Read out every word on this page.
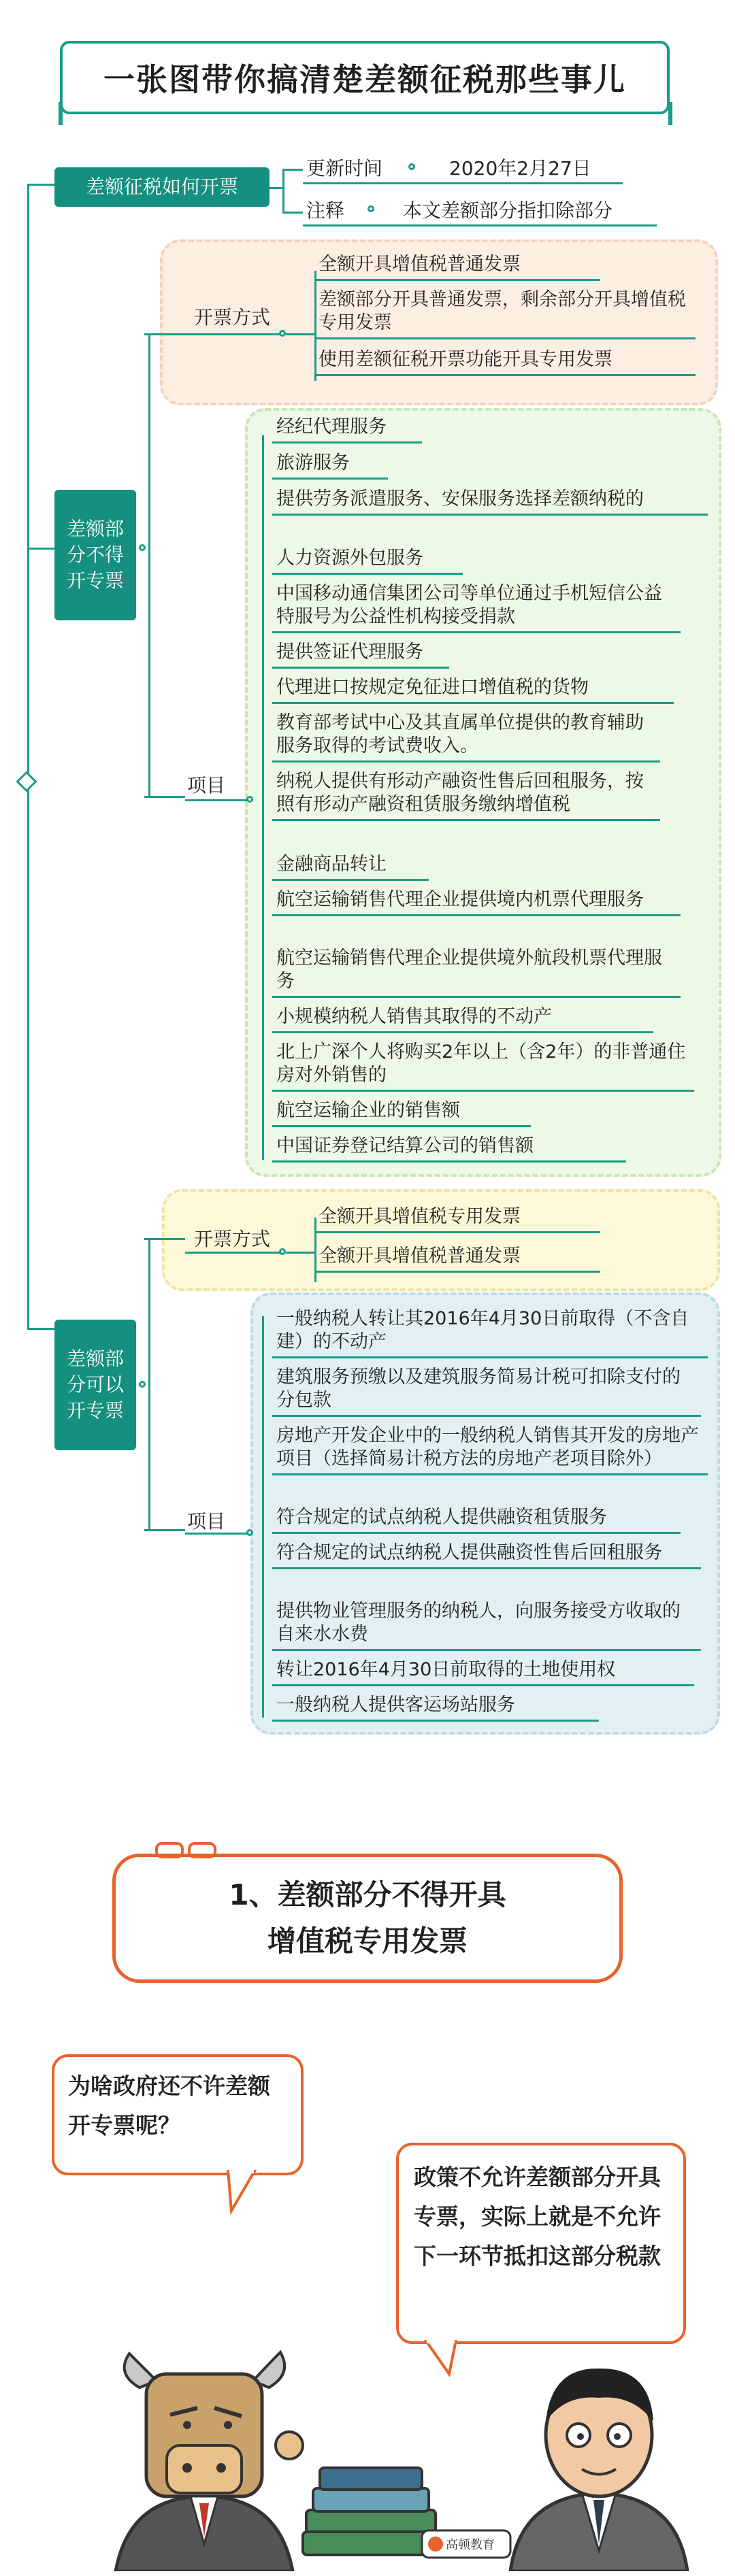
一张图带你搞清楚差额征税那些事儿
差额征税如何开票
更新时间	2020年2月27日
注释	本文差额部分指扣除部分
差额部分不得开专票
开票方式
全额开具增值税普通发票
差额部分开具普通发票，剩余部分开具增值税专用发票
使用差额征税开票功能开具专用发票
项目
经纪代理服务
旅游服务
提供劳务派遣服务、安保服务选择差额纳税的
人力资源外包服务
中国移动通信集团公司等单位通过手机短信公益特服号为公益性机构接受捐款
提供签证代理服务
代理进口按规定免征进口增值税的货物
教育部考试中心及其直属单位提供的教育辅助服务取得的考试费收入。
纳税人提供有形动产融资性售后回租服务，按照有形动产融资租赁服务缴纳增值税
金融商品转让
航空运输销售代理企业提供境内机票代理服务
航空运输销售代理企业提供境外航段机票代理服务
小规模纳税人销售其取得的不动产
北上广深个人将购买2年以上（含2年）的非普通住房对外销售的
航空运输企业的销售额
中国证券登记结算公司的销售额
差额部分可以开专票
开票方式
全额开具增值税专用发票
全额开具增值税普通发票
项目
一般纳税人转让其2016年4月30日前取得（不含自建）的不动产
建筑服务预缴以及建筑服务简易计税可扣除支付的分包款
房地产开发企业中的一般纳税人销售其开发的房地产项目（选择简易计税方法的房地产老项目除外）
符合规定的试点纳税人提供融资租赁服务
符合规定的试点纳税人提供融资性售后回租服务
提供物业管理服务的纳税人，向服务接受方收取的自来水水费
转让2016年4月30日前取得的土地使用权
一般纳税人提供客运场站服务
1、差额部分不得开具
增值税专用发票
为啥政府还不许差额开专票呢？
政策不允许差额部分开具专票，实际上就是不允许下一环节抵扣这部分税款
高顿教育
